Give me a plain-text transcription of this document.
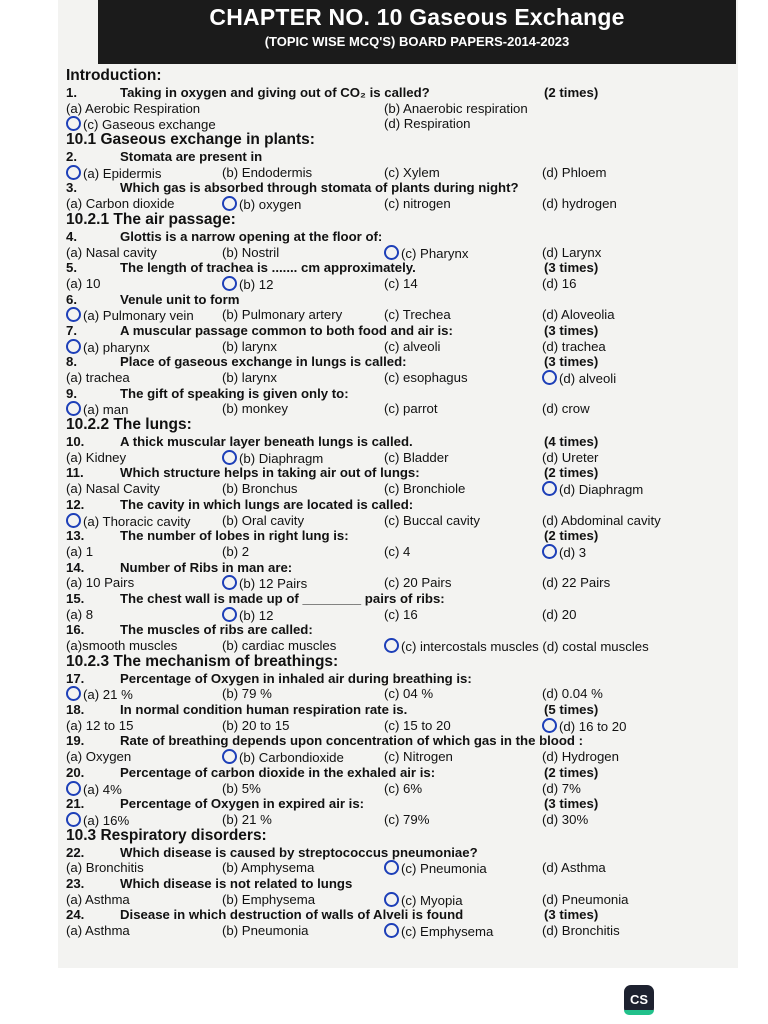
CHAPTER NO. 10 Gaseous Exchange
(TOPIC WISE MCQ'S) BOARD PAPERS-2014-2023
Introduction:
1.	Taking in oxygen and giving out of CO₂ is called?	(2 times)
(a) Aerobic Respiration	(b) Anaerobic respiration
(c) Gaseous exchange	(d) Respiration
10.1 Gaseous exchange in plants:
2.	Stomata are present in
(a) Epidermis	(b) Endodermis	(c) Xylem	(d) Phloem
3.	Which gas is absorbed through stomata of plants during night?
(a) Carbon dioxide	(b) oxygen	(c) nitrogen	(d) hydrogen
10.2.1 The air passage:
4.	Glottis is a narrow opening at the floor of:
(a) Nasal cavity	(b) Nostril	(c) Pharynx	(d) Larynx
5.	The length of trachea is ....... cm approximately.	(3 times)
(a) 10	(b) 12	(c) 14	(d) 16
6.	Venule unit to form
(a) Pulmonary vein (b) Pulmonary artery	(c) Trechea	(d) Aloveolia
7.	A muscular passage common to both food and air is:	(3 times)
(a) pharynx	(b) larynx	(c) alveoli	(d) trachea
8.	Place of gaseous exchange in lungs is called:	(3 times)
(a) trachea	(b) larynx	(c) esophagus	(d) alveoli
9.	The gift of speaking is given only to:
(a) man	(b) monkey	(c) parrot	(d) crow
10.2.2 The lungs:
10.	A thick muscular layer beneath lungs is called.	(4 times)
(a) Kidney	(b) Diaphragm	(c) Bladder	(d) Ureter
11.	Which structure helps in taking air out of lungs:	(2 times)
(a) Nasal Cavity	(b) Bronchus	(c) Bronchiole	(d) Diaphragm
12.	The cavity in which lungs are located is called:
(a) Thoracic cavity (b) Oral cavity	(c) Buccal cavity	(d) Abdominal cavity
13.	The number of lobes in right lung is:	(2 times)
(a) 1	(b) 2	(c) 4	(d) 3
14.	Number of Ribs in man are:
(a) 10 Pairs	(b) 12 Pairs	(c) 20 Pairs	(d) 22 Pairs
15.	The chest wall is made up of ________ pairs of ribs:
(a) 8	(b) 12	(c) 16	(d) 20
16.	The muscles of ribs are called:
(a)smooth muscles	(b) cardiac muscles	(c) intercostals muscles (d) costal muscles
10.2.3 The mechanism of breathings:
17.	Percentage of Oxygen in inhaled air during breathing is:
(a) 21 %	(b) 79 %	(c) 04 %	(d) 0.04 %
18.	In normal condition human respiration rate is.	(5 times)
(a) 12 to 15	(b) 20 to 15	(c) 15 to 20	(d) 16 to 20
19.	Rate of breathing depends upon concentration of which gas in the blood :
(a) Oxygen	(b) Carbondioxide	(c) Nitrogen	(d) Hydrogen
20.	Percentage of carbon dioxide in the exhaled air is:	(2 times)
(a) 4%	(b) 5%	(c) 6%	(d) 7%
21.	Percentage of Oxygen in expired air is:	(3 times)
(a) 16%	(b) 21 %	(c) 79%	(d) 30%
10.3 Respiratory disorders:
22.	Which disease is caused by streptococcus pneumoniae?
(a) Bronchitis	(b) Amphysema	(c) Pneumonia	(d) Asthma
23.	Which disease is not related to lungs
(a) Asthma	(b) Emphysema	(c) Myopia	(d) Pneumonia
24.	Disease in which destruction of walls of Alveli is found	(3 times)
(a) Asthma	(b) Pneumonia	(c) Emphysema	(d) Bronchitis
CS
